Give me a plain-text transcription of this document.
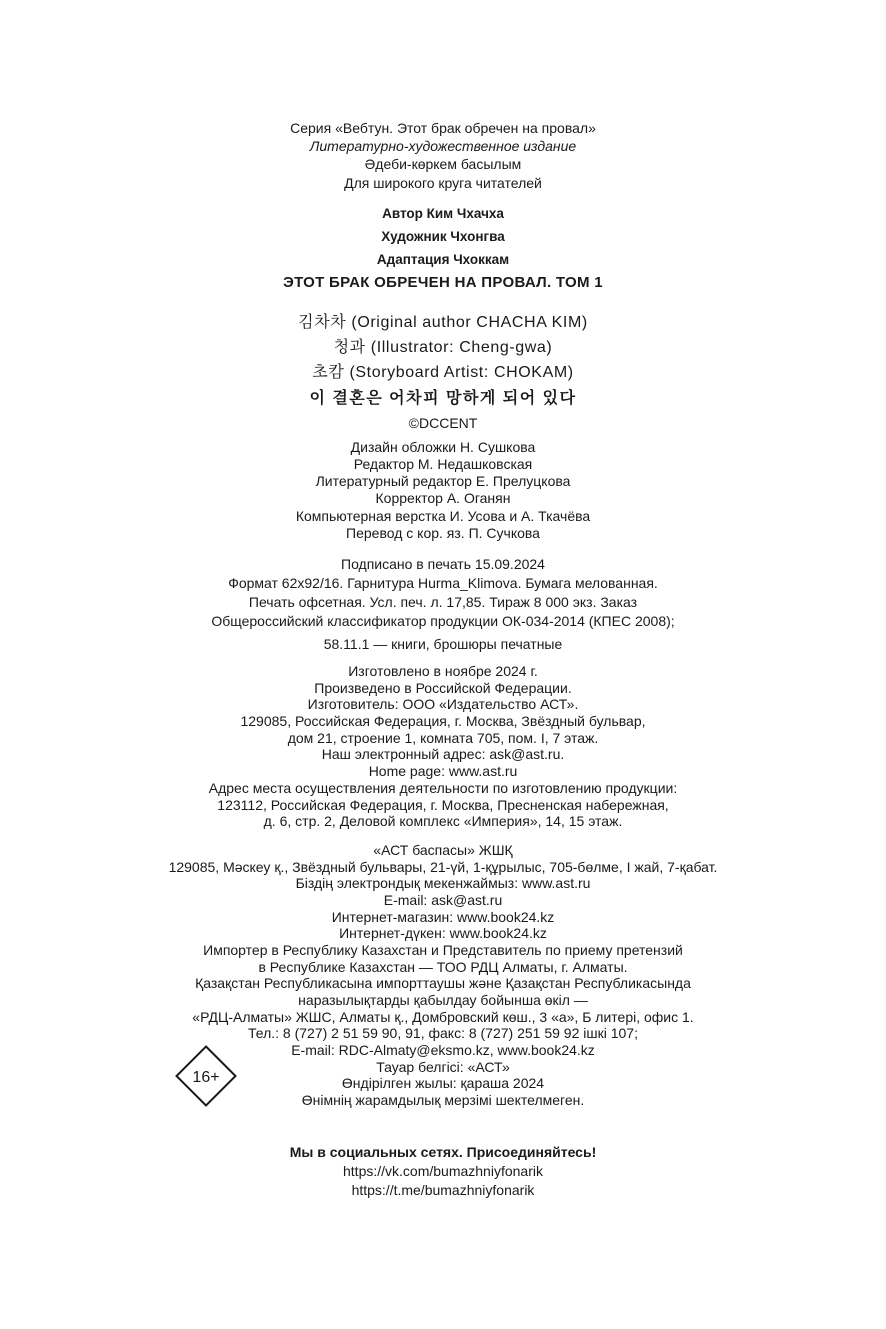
Серия «Вебтун. Этот брак обречен на провал»
Литературно-художественное издание
Әдеби-көркем басылым
Для широкого круга читателей
Автор Ким Чхачха
Художник Чхонгва
Адаптация Чхоккам
ЭТОТ БРАК ОБРЕЧЕН НА ПРОВАЛ. ТОМ 1
김차차 (Original author CHACHA KIM)
청과 (Illustrator: Cheng-gwa)
초캄 (Storyboard Artist: CHOKAM)
이 결혼은 어차피 망하게 되어 있다
©DCCENT
Дизайн обложки Н. Сушкова
Редактор М. Недашковская
Литературный редактор Е. Прелуцкова
Корректор А. Оганян
Компьютерная верстка И. Усова и А. Ткачёва
Перевод с кор. яз. П. Сучкова
Подписано в печать 15.09.2024
Формат 62х92/16. Гарнитура Hurma_Klimova. Бумага мелованная.
Печать офсетная. Усл. печ. л. 17,85. Тираж 8 000 экз. Заказ
Общероссийский классификатор продукции ОК-034-2014 (КПЕС 2008);
58.11.1 — книги, брошюры печатные
Изготовлено в ноябре 2024 г.
Произведено в Российской Федерации.
Изготовитель: ООО «Издательство АСТ».
129085, Российская Федерация, г. Москва, Звёздный бульвар,
дом 21, строение 1, комната 705, пом. I, 7 этаж.
Наш электронный адрес: ask@ast.ru.
Home page: www.ast.ru
Адрес места осуществления деятельности по изготовлению продукции:
123112, Российская Федерация, г. Москва, Пресненская набережная,
д. 6, стр. 2, Деловой комплекс «Империя», 14, 15 этаж.
«АСТ баспасы» ЖШҚ
129085, Мәскеу қ., Звёздный бульвары, 21-үй, 1-құрылыс, 705-бөлме, I жай, 7-қабат.
Біздің электрондық мекенжаймыз: www.ast.ru
E-mail: ask@ast.ru
Интернет-магазин: www.book24.kz
Интернет-дүкен: www.book24.kz
Импортер в Республику Казахстан и Представитель по приему претензий
в Республике Казахстан — ТОО РДЦ Алматы, г. Алматы.
Қазақстан Республикасына импорттаушы және Қазақстан Республикасында
наразылықтарды қабылдау бойынша өкіл —
«РДЦ-Алматы» ЖШС, Алматы қ., Домбровский көш., 3 «а», Б литері, офис 1.
Тел.: 8 (727) 2 51 59 90, 91, факс: 8 (727) 251 59 92 ішкі 107;
E-mail: RDC-Almaty@eksmo.kz, www.book24.kz
Тауар белгісі: «АСТ»
Өндірілген жылы: қараша 2024
Өнімнің жарамдылық мерзімі шектелмеген.
16+
Мы в социальных сетях. Присоединяйтесь!
https://vk.com/bumazhniyfonarik
https://t.me/bumazhniyfonarik
